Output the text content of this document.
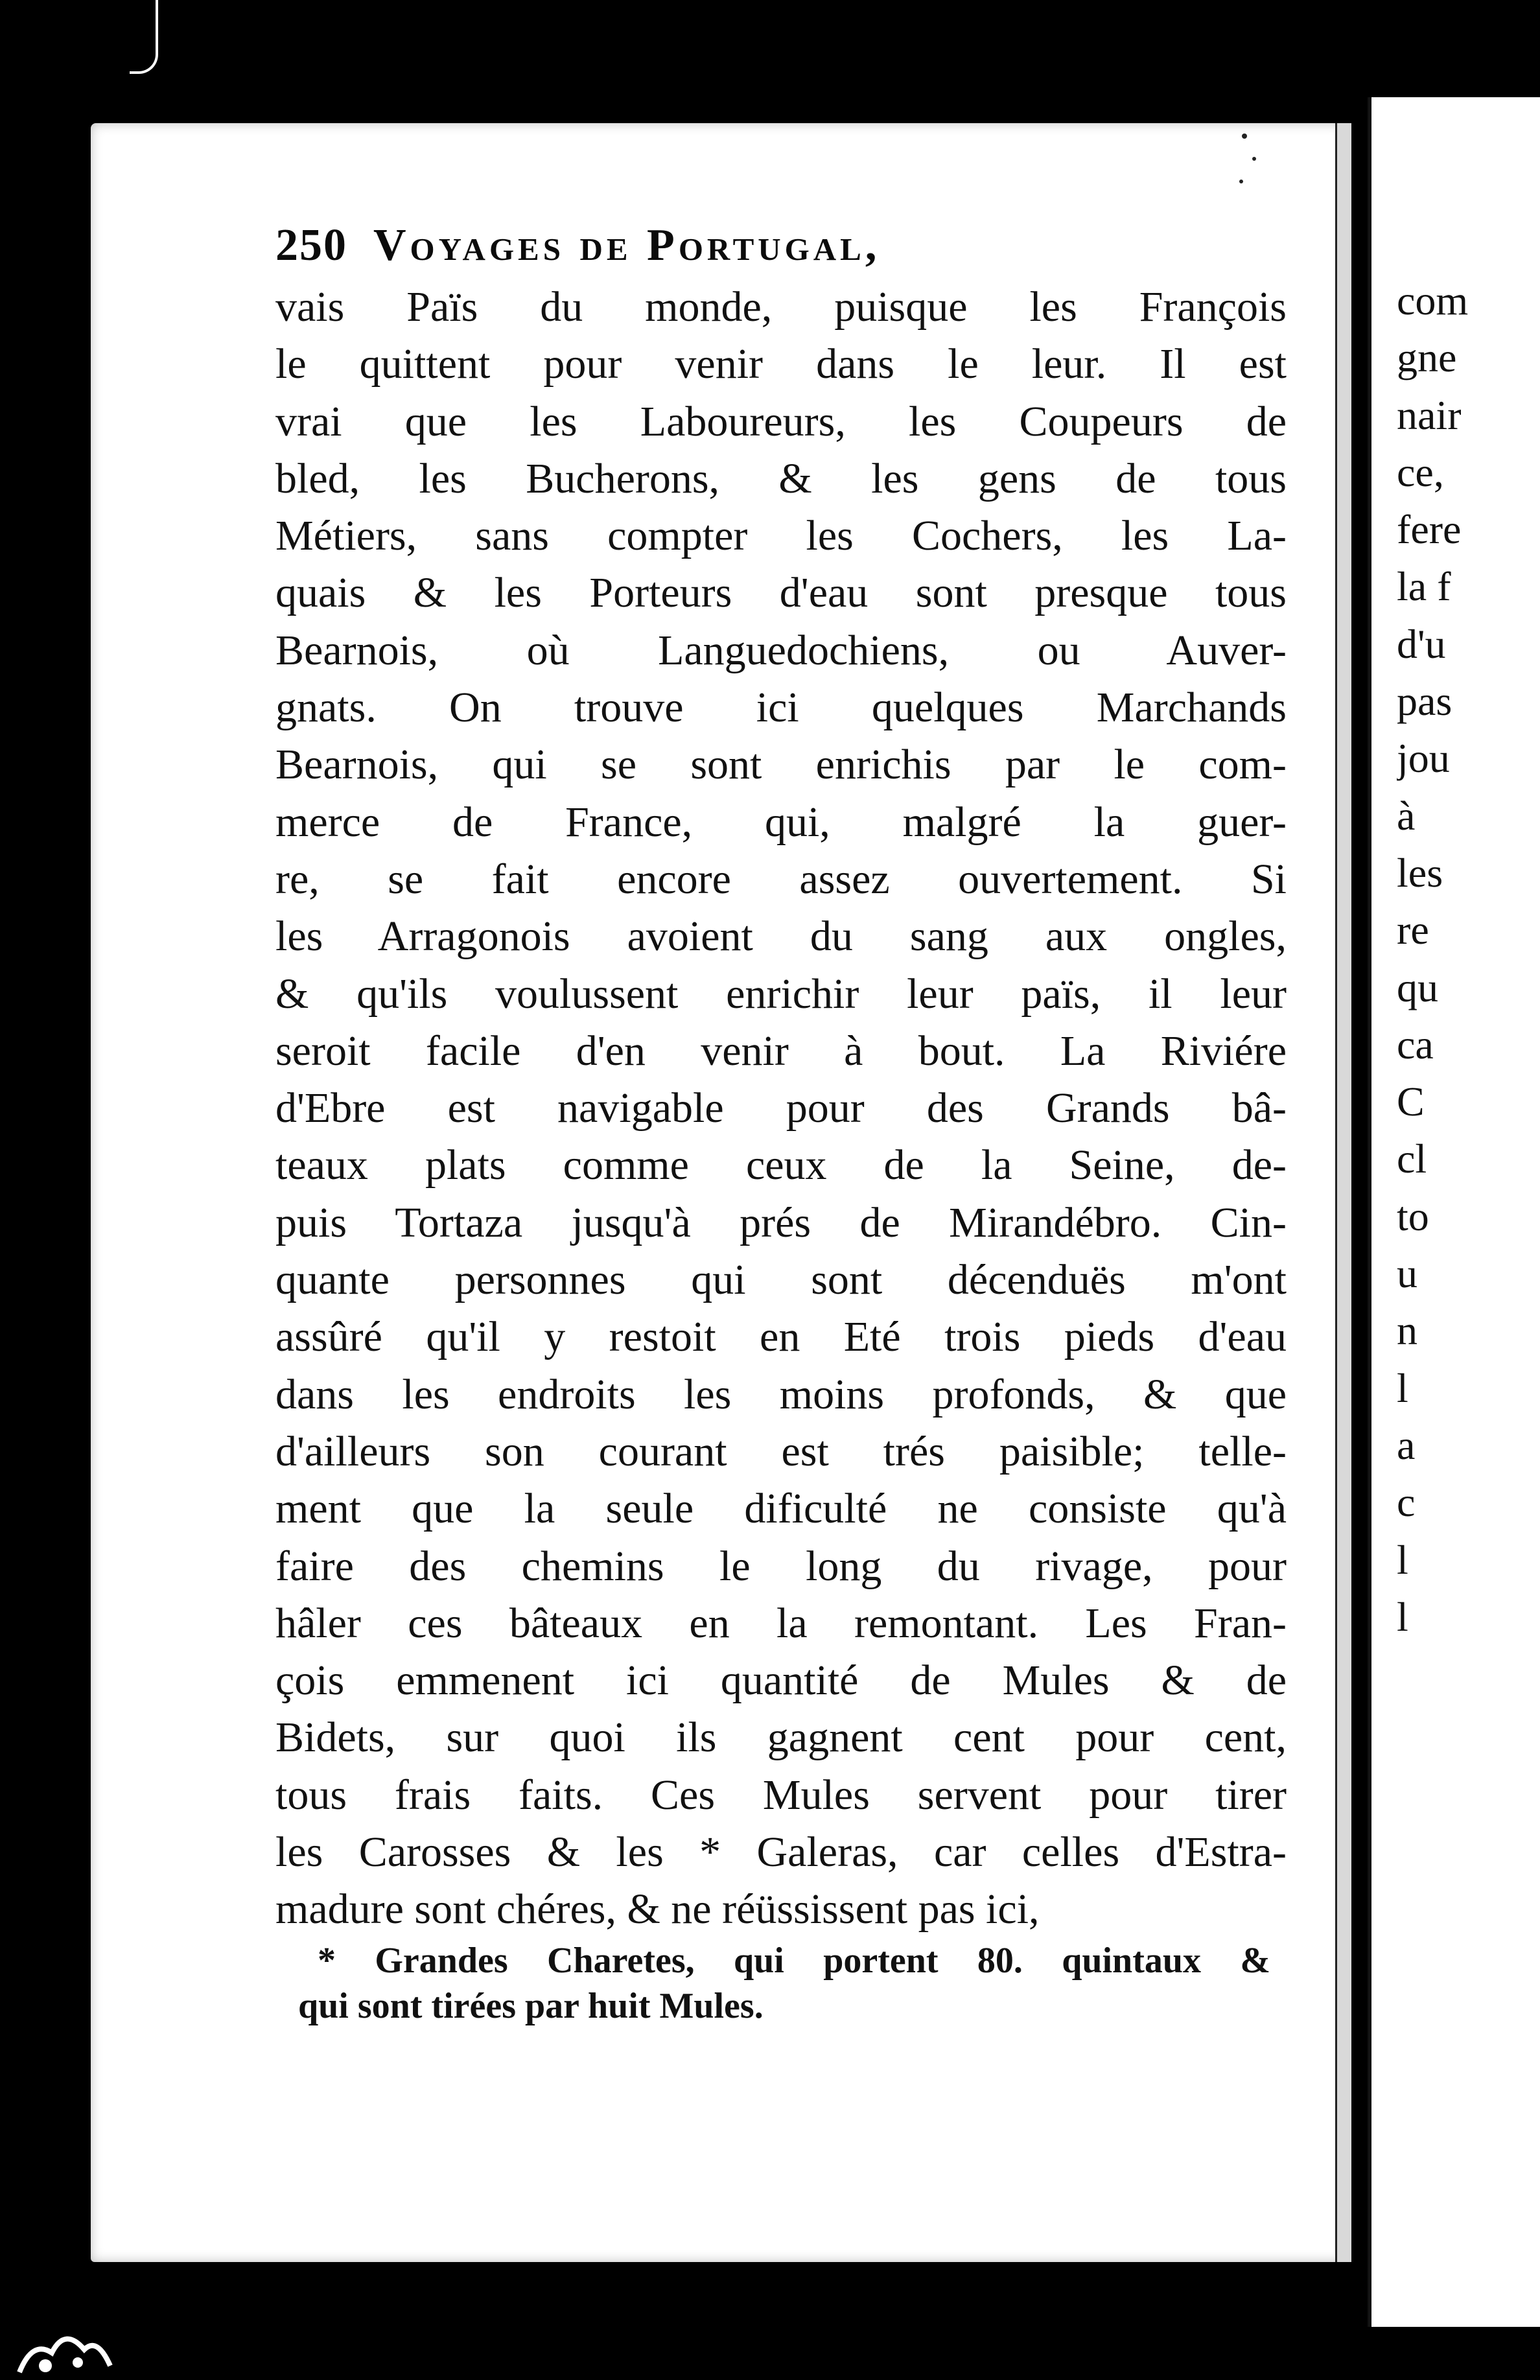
250 Voyages de Portugal,
vais Païs du monde, puisque les François
le quittent pour venir dans le leur. Il est
vrai que les Laboureurs, les Coupeurs de
bled, les Bucherons, & les gens de tous
Métiers, sans compter les Cochers, les La-
quais & les Porteurs d'eau sont presque tous
Bearnois, où Languedochiens, ou Auver-
gnats. On trouve ici quelques Marchands
Bearnois, qui se sont enrichis par le com-
merce de France, qui, malgré la guer-
re, se fait encore assez ouvertement. Si
les Arragonois avoient du sang aux ongles,
& qu'ils voulussent enrichir leur païs, il leur
seroit facile d'en venir à bout. La Riviére
d'Ebre est navigable pour des Grands bâ-
teaux plats comme ceux de la Seine, de-
puis Tortaza jusqu'à prés de Mirandébro. Cin-
quante personnes qui sont décenduës m'ont
assûré qu'il y restoit en Eté trois pieds d'eau
dans les endroits les moins profonds, & que
d'ailleurs son courant est trés paisible; telle-
ment que la seule dificulté ne consiste qu'à
faire des chemins le long du rivage, pour
hâler ces bâteaux en la remontant. Les Fran-
çois emmenent ici quantité de Mules & de
Bidets, sur quoi ils gagnent cent pour cent,
tous frais faits. Ces Mules servent pour tirer
les Carosses & les * Galeras, car celles d'Estra-
madure sont chéres, & ne réüssissent pas ici,
* Grandes Charetes, qui portent 80. quintaux &
qui sont tirées par huit Mules.
com
gne
nair
ce,
fere
la f
d'u
pas
jou
à
les
re
qu
ca
C
cl
to
u
n
l
a
c
l
l
